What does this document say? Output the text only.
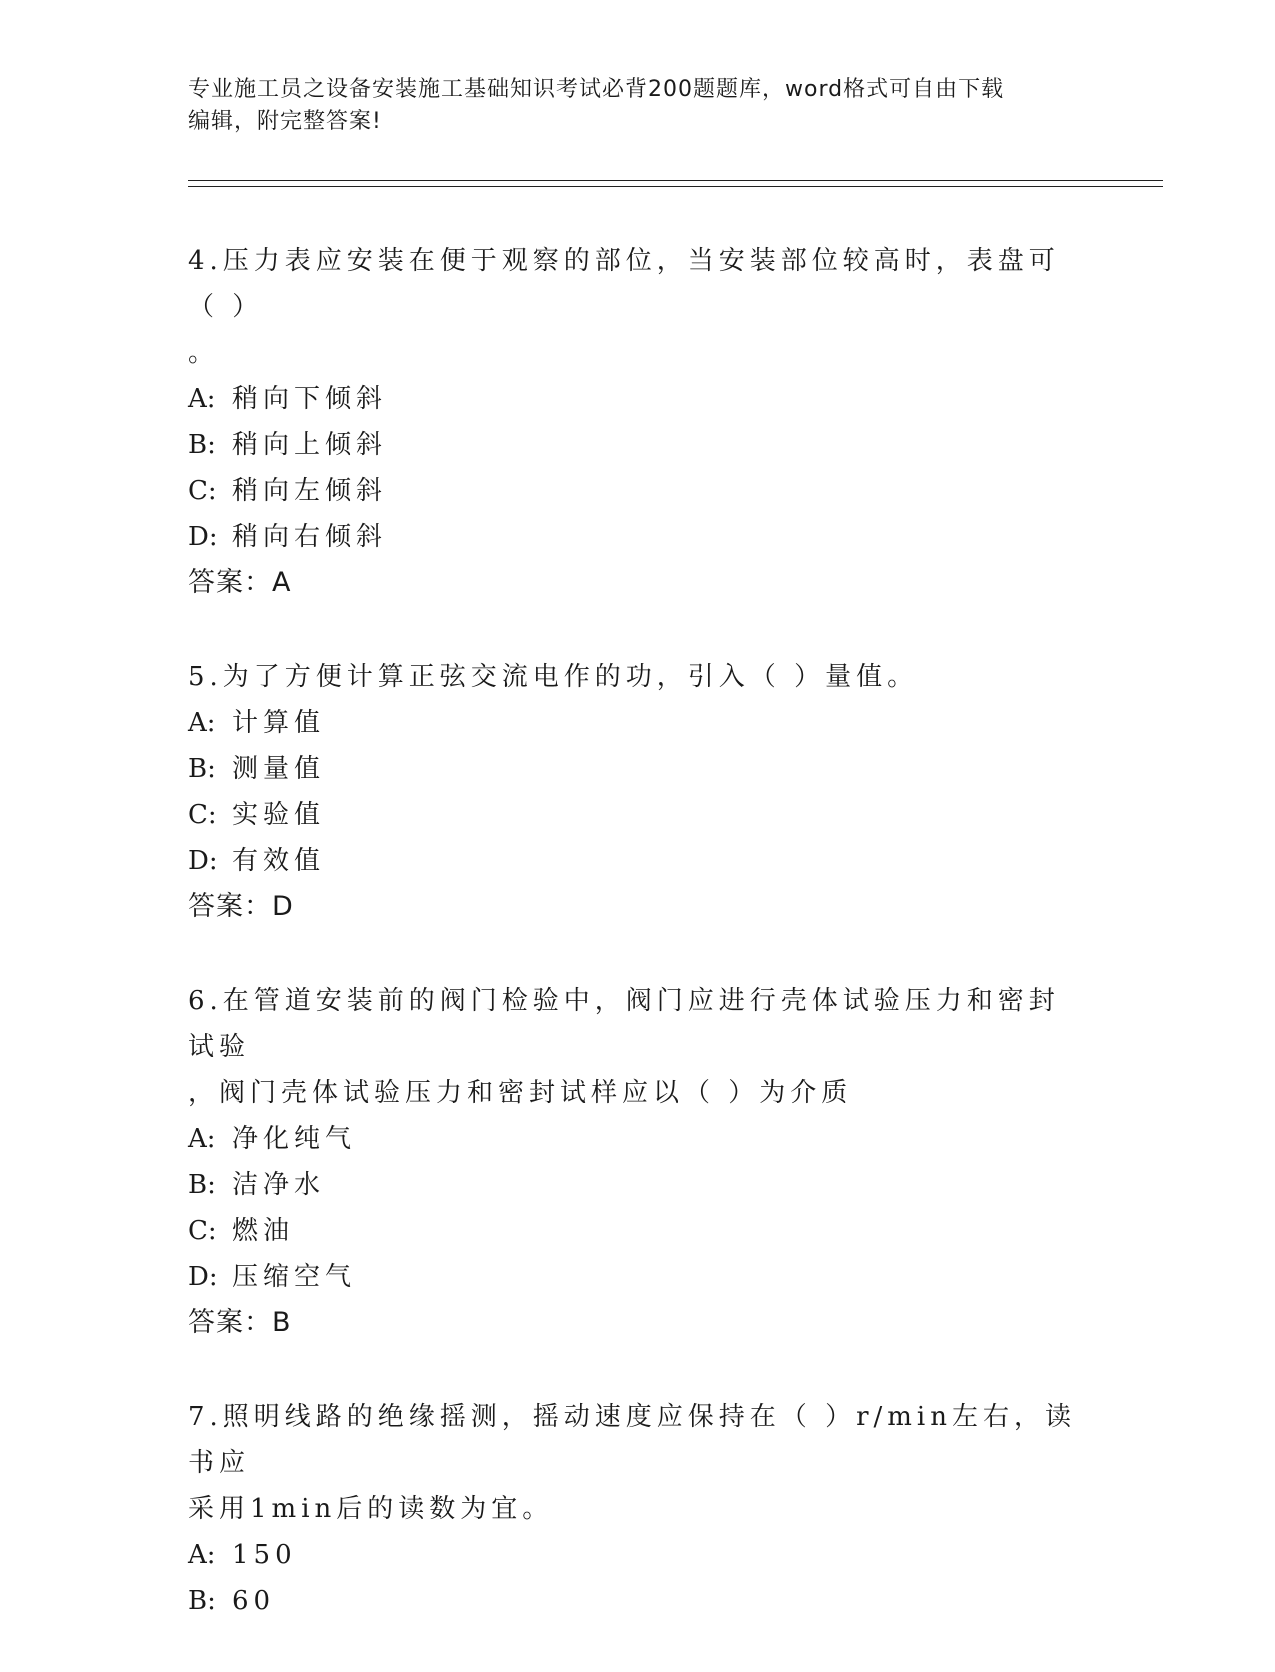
专业施工员之设备安装施工基础知识考试必背200题题库，word格式可自由下载
编辑，附完整答案!
4.压力表应安装在便于观察的部位，当安装部位较高时，表盘可（ ）
。
A: 稍向下倾斜
B: 稍向上倾斜
C: 稍向左倾斜
D: 稍向右倾斜
答案：A
5.为了方便计算正弦交流电作的功，引入（ ）量值。
A: 计算值
B: 测量值
C: 实验值
D: 有效值
答案：D
6.在管道安装前的阀门检验中，阀门应进行壳体试验压力和密封试验
，阀门壳体试验压力和密封试样应以（ ）为介质
A: 净化纯气
B: 洁净水
C: 燃油
D: 压缩空气
答案：B
7.照明线路的绝缘摇测，摇动速度应保持在（ ）r/min左右，读书应
采用1min后的读数为宜。
A: 150
B: 60
